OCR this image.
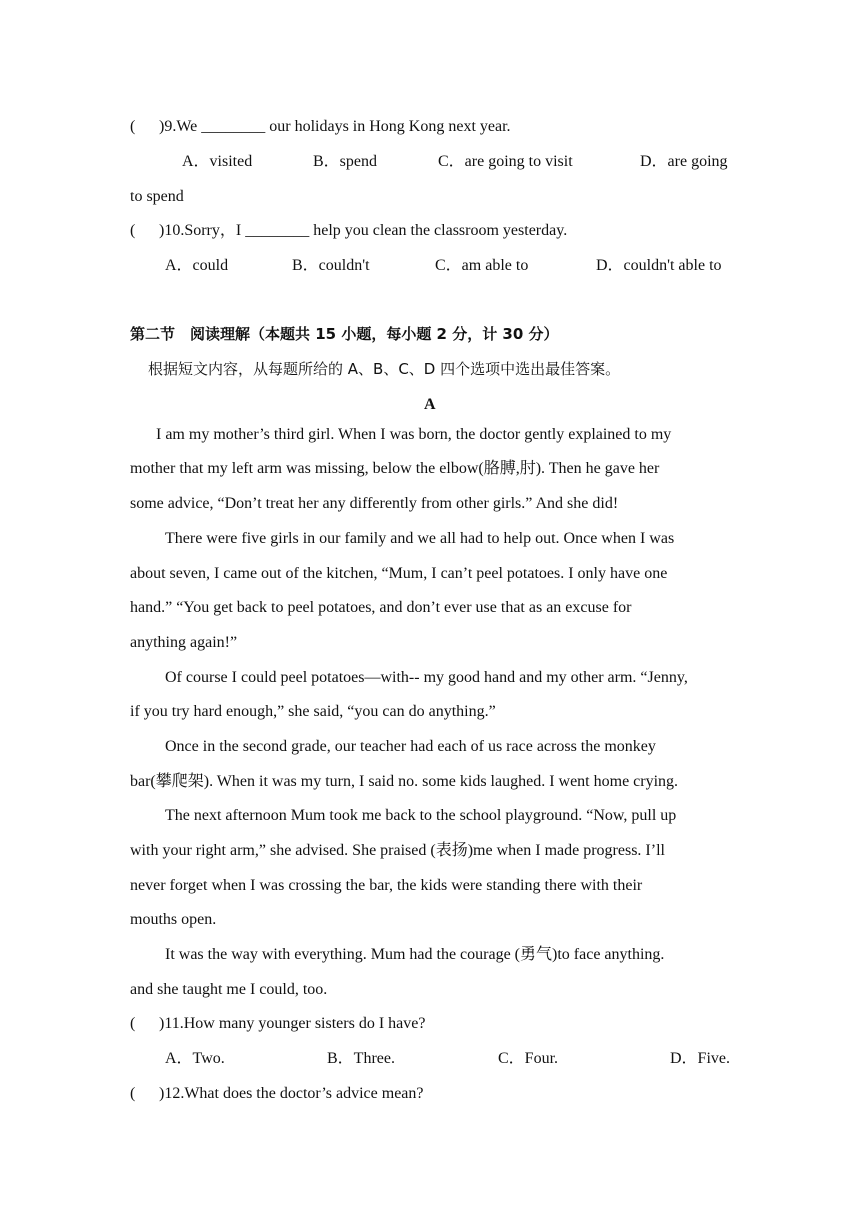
( )9.We ________ our holidays in Hong Kong next year.
A．visited	B．spend	C．are going to visit	D．are going
to spend
( )10.Sorry，I ________ help you clean the classroom yesterday.
A．could	B．couldn't	C．am able to	D．couldn't able to
第二节　阅读理解（本题共 15 小题，每小题 2 分，计 30 分）
根据短文内容，从每题所给的 A、B、C、D 四个选项中选出最佳答案。
A
I am my mother’s third girl. When I was born, the doctor gently explained to my
mother that my left arm was missing, below the elbow(胳膊,肘). Then he gave her
some advice, “Don’t treat her any differently from other girls.” And she did!
There were five girls in our family and we all had to help out. Once when I was
about seven, I came out of the kitchen, “Mum, I can’t peel potatoes. I only have one
hand.” “You get back to peel potatoes, and don’t ever use that as an excuse for
anything again!”
Of course I could peel potatoes—with-- my good hand and my other arm. “Jenny,
if you try hard enough,” she said, “you can do anything.”
Once in the second grade, our teacher had each of us race across the monkey
bar(攀爬架). When it was my turn, I said no. some kids laughed. I went home crying.
The next afternoon Mum took me back to the school playground. “Now, pull up
with your right arm,” she advised. She praised (表扬)me when I made progress. I’ll
never forget when I was crossing the bar, the kids were standing there with their
mouths open.
It was the way with everything. Mum had the courage (勇气)to face anything.
and she taught me I could, too.
( )11.How many younger sisters do I have?
A．Two.	B．Three.	C．Four.	D．Five.
( )12.What does the doctor’s advice mean?
